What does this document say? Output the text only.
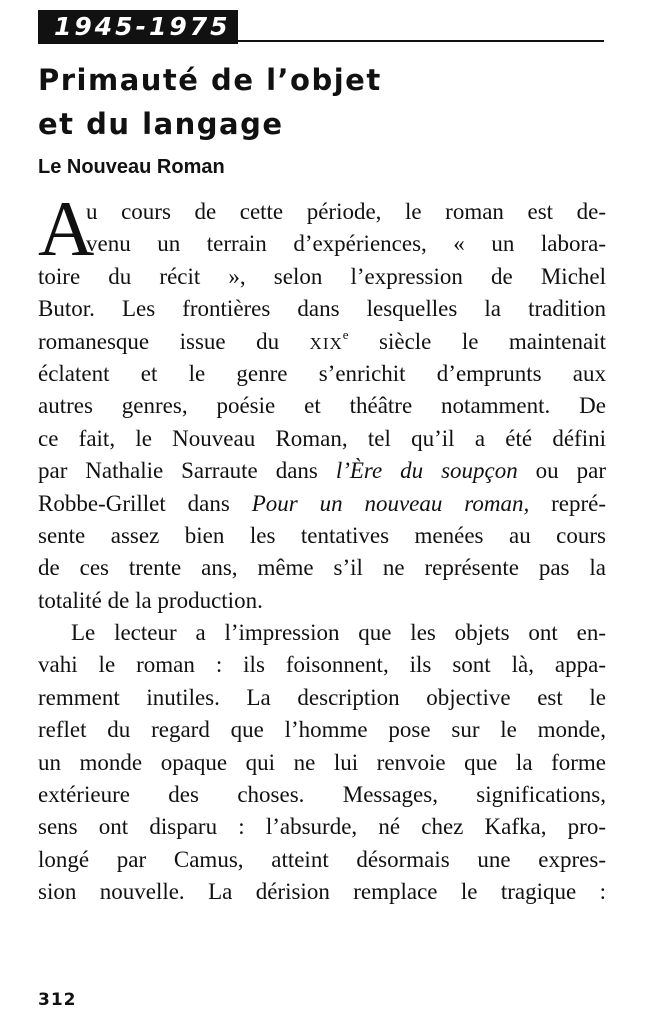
1945-1975
Primauté de l’objet
et du langage
Le Nouveau Roman
A
u cours de cette période, le roman est de-
venu un terrain d’expériences, « un labora-
toire du récit », selon l’expression de Michel
Butor. Les frontières dans lesquelles la tradition
romanesque issue du XIXe siècle le maintenait
éclatent et le genre s’enrichit d’emprunts aux
autres genres, poésie et théâtre notamment. De
ce fait, le Nouveau Roman, tel qu’il a été défini
par Nathalie Sarraute dans l’Ère du soupçon ou par
Robbe-Grillet dans Pour un nouveau roman, repré-
sente assez bien les tentatives menées au cours
de ces trente ans, même s’il ne représente pas la
totalité de la production.
Le lecteur a l’impression que les objets ont en-
vahi le roman : ils foisonnent, ils sont là, appa-
remment inutiles. La description objective est le
reflet du regard que l’homme pose sur le monde,
un monde opaque qui ne lui renvoie que la forme
extérieure des choses. Messages, significations,
sens ont disparu : l’absurde, né chez Kafka, pro-
longé par Camus, atteint désormais une expres-
sion nouvelle. La dérision remplace le tragique :
312
